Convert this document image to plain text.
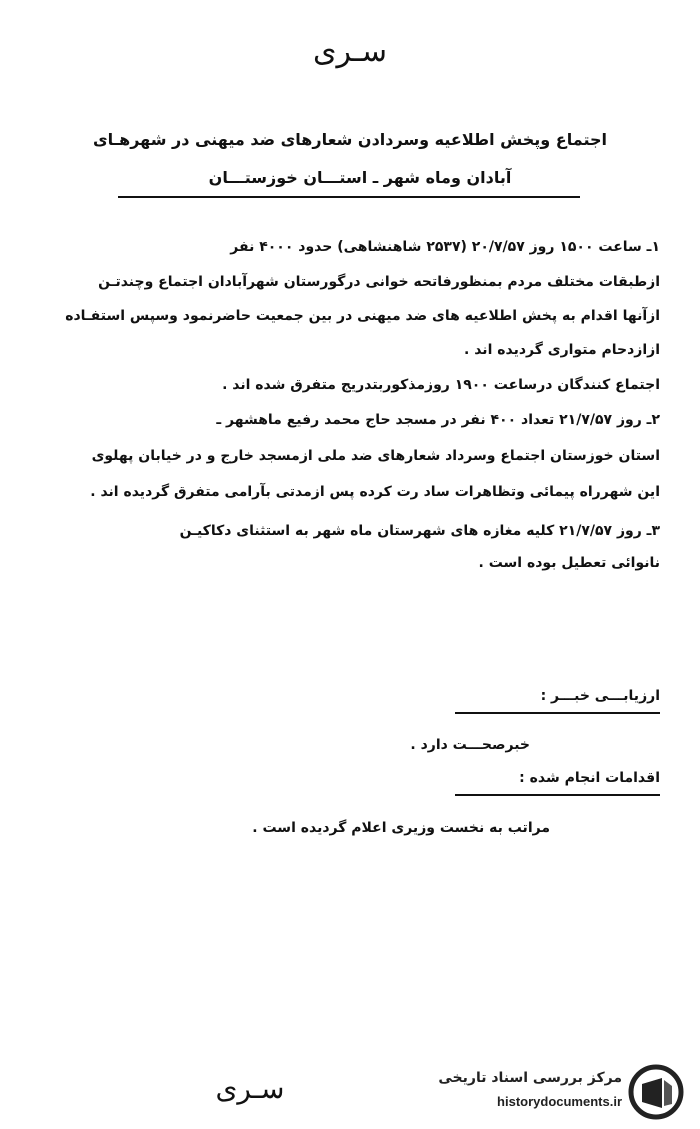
سـری
اجتماع وپخش اطلاعیه وسردادن شعارهای ضد میهنی در شهرهـای
آبادان وماه شهر ـ استـــان خوزستـــان
۱ـ ساعت ۱۵۰۰ روز ۲۰/۷/۵۷ (۲۵۳۷ شاهنشاهی) حدود ۴۰۰۰ نفر
ازطبقات مختلف مردم بمنظورفاتحه خوانی درگورستان شهرآبادان اجتماع وچندتـن
ازآنها اقدام به پخش اطلاعیه های ضد میهنی در بین جمعیت حاضرنمود وسپس استفـاده
ازازدحام متواری گردیده اند .
اجتماع کنندگان درساعت ۱۹۰۰ روزمذکوربتدریج متفرق شده اند .
۲ـ روز ۲۱/۷/۵۷ تعداد ۴۰۰ نفر در مسجد حاج محمد رفیع ماهشهر ـ
استان خوزستان اجتماع وسرداد شعارهای ضد ملی ازمسجد خارج و در خیابان پهلوی
این شهرراه پیمائی وتظاهرات ساد رت کرده پس ازمدتی بآرامی متفرق گردیده اند .
۳ـ روز ۲۱/۷/۵۷ کلیه مغازه های شهرستان ماه شهر به استثنای دکاکیـن
نانوائی تعطیل بوده است .
ارزیابـــی خبـــر :
خبرصحـــت دارد .
اقدامات انجام شده :
مراتب به نخست وزیری اعلام گردیده است .
سـری	مرکز بررسی اسناد تاریخی
historydocuments.ir
